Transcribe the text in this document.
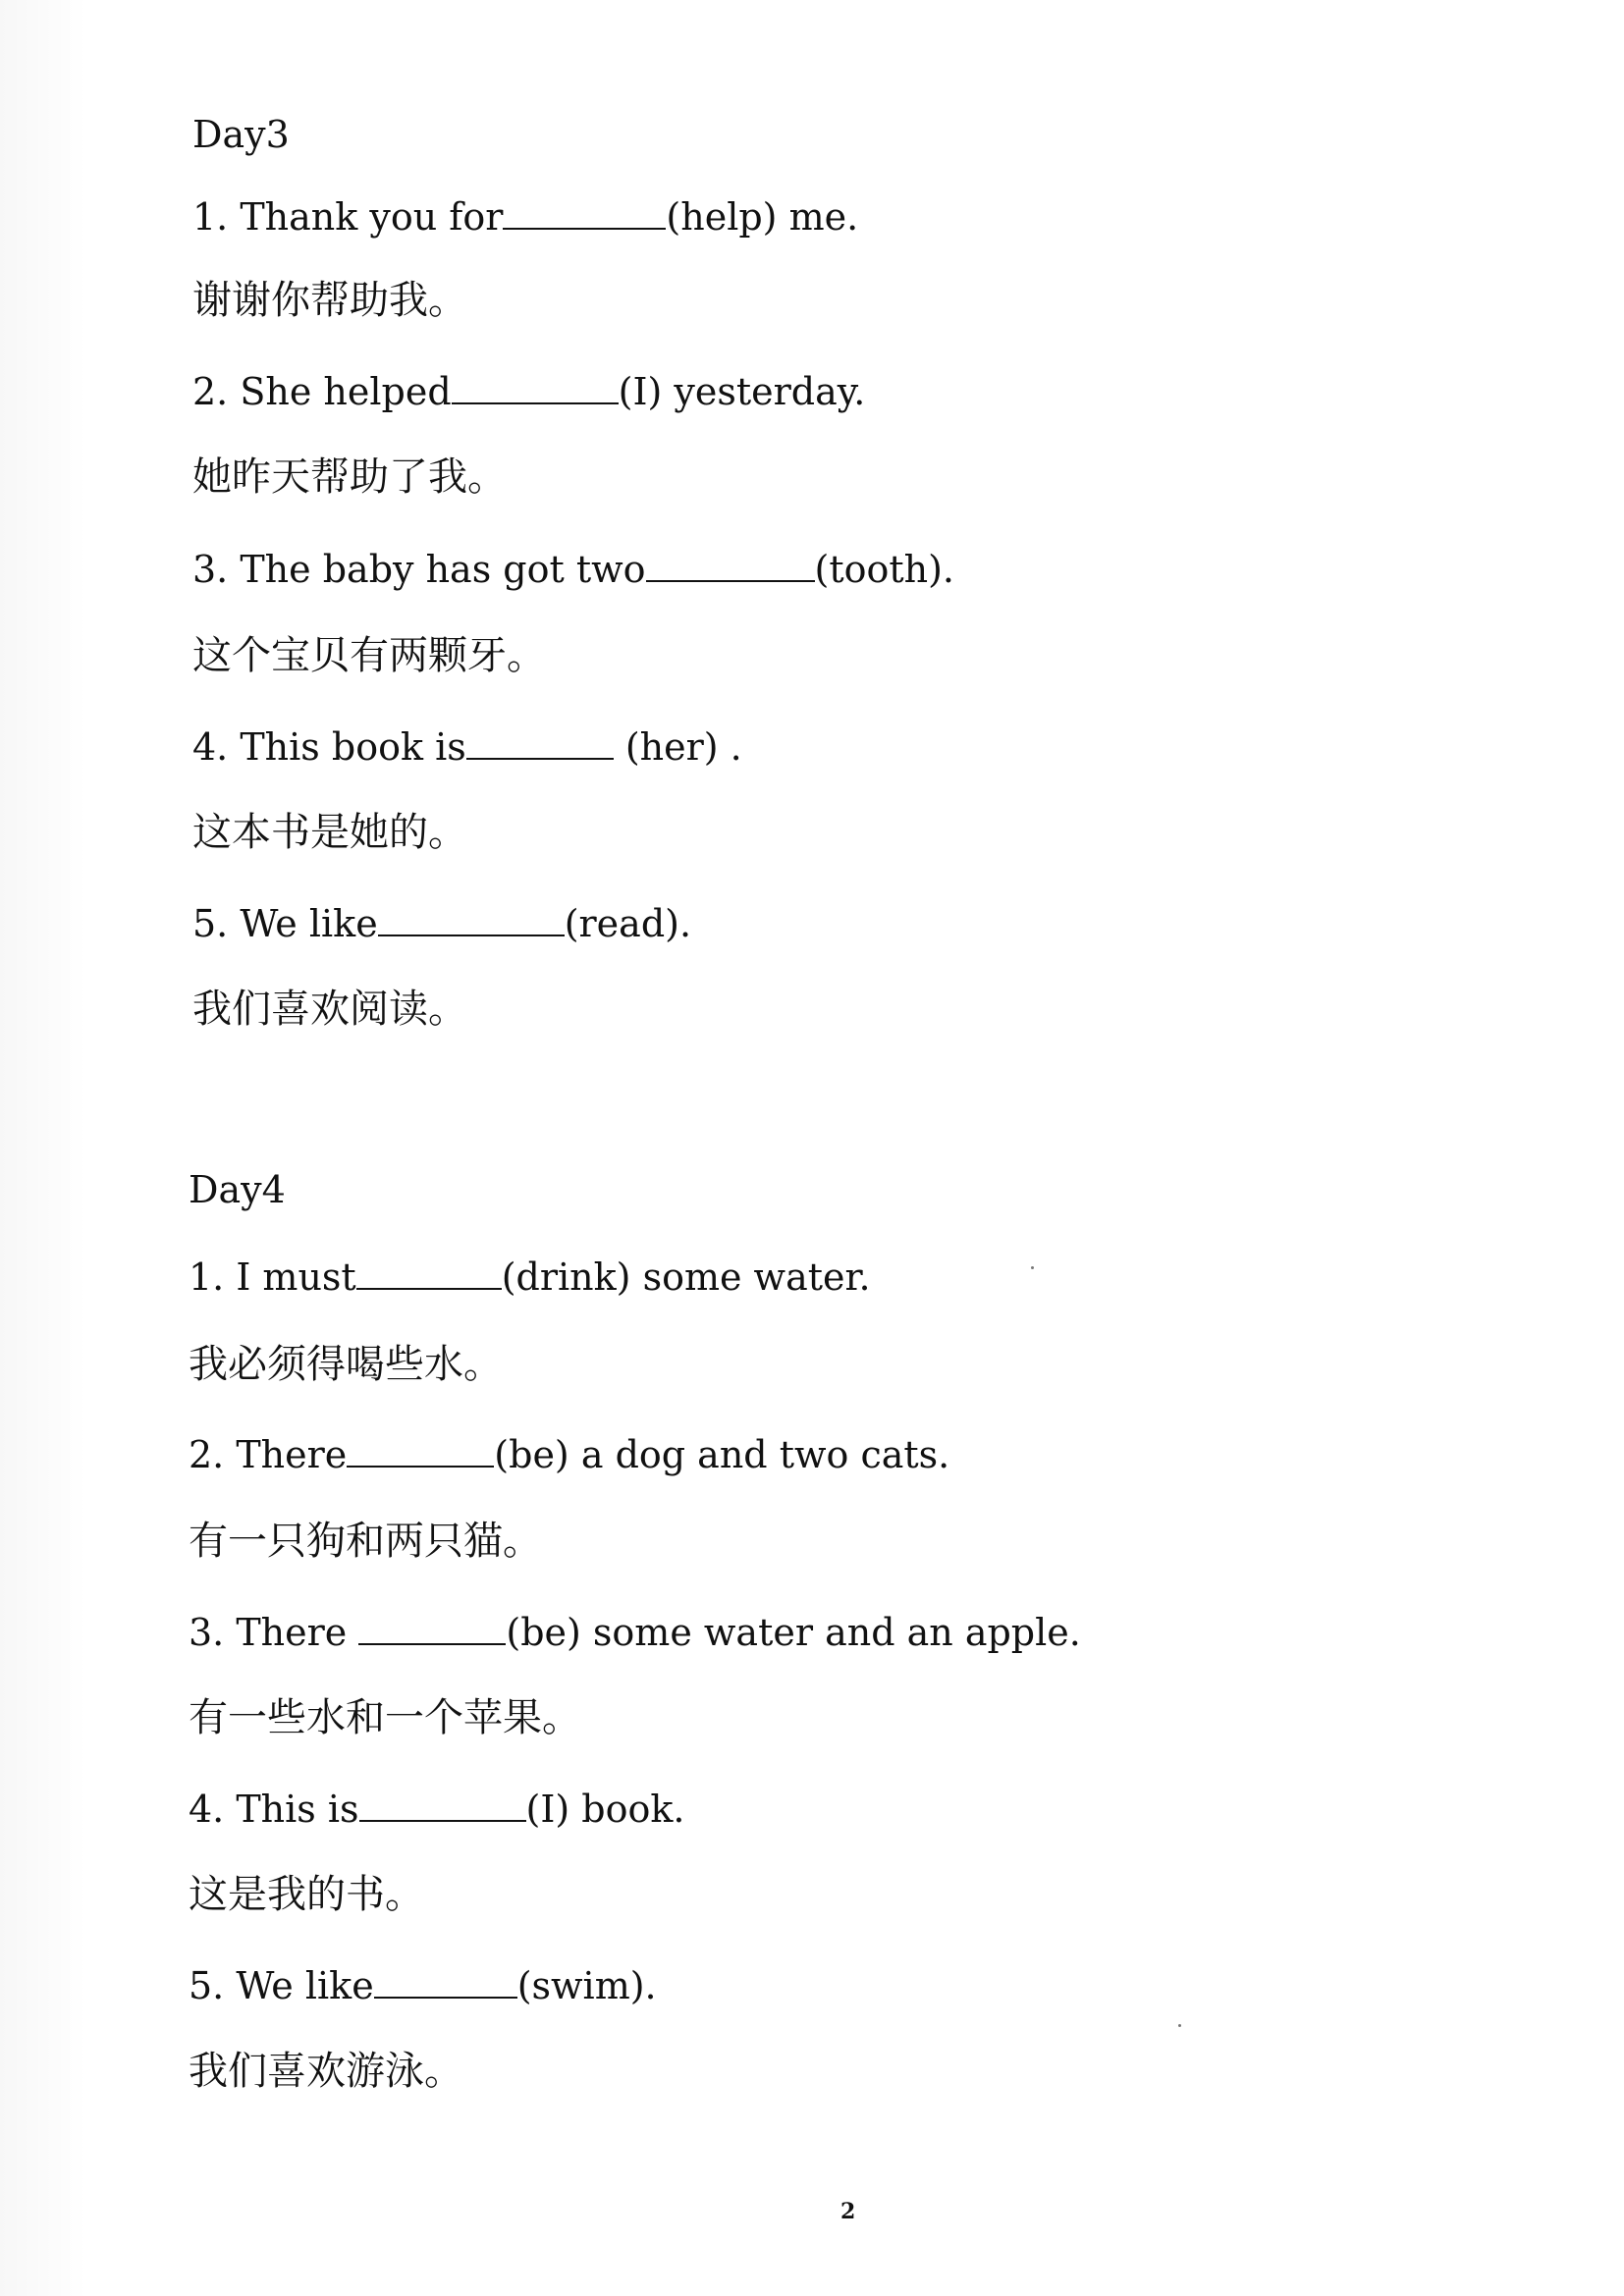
Day3
1. Thank you for	(help) me.
谢谢你帮助我。
2. She helped	(I) yesterday.
她昨天帮助了我。
3. The baby has got two	(tooth).
这个宝贝有两颗牙。
4. This book is	(her) .
这本书是她的。
5. We like	(read).
我们喜欢阅读。
Day4
1. I must	(drink) some water.
我必须得喝些水。
2. There	(be) a dog and two cats.
有一只狗和两只猫。
3. There	(be) some water and an apple.
有一些水和一个苹果。
4. This is	(I) book.
这是我的书。
5. We like	(swim).
我们喜欢游泳。
2
